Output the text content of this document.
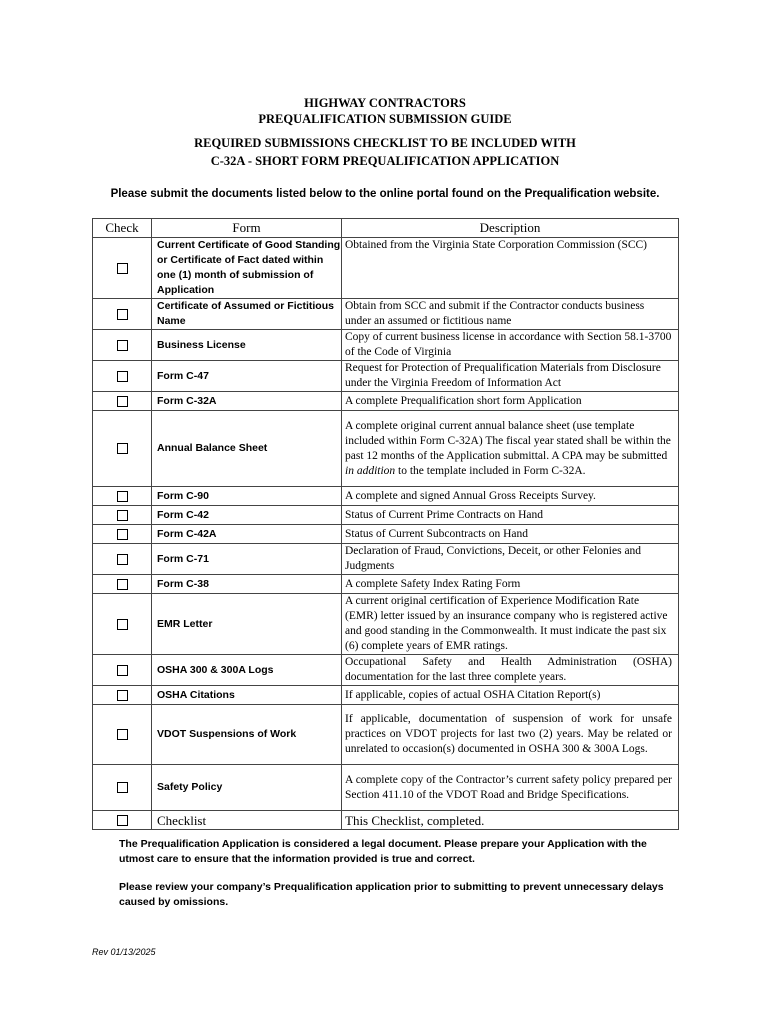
HIGHWAY CONTRACTORS
PREQUALIFICATION SUBMISSION GUIDE
REQUIRED SUBMISSIONS CHECKLIST TO BE INCLUDED WITH
C-32A - SHORT FORM PREQUALIFICATION APPLICATION
Please submit the documents listed below to the online portal found on the Prequalification website.
Check	Form	Description
	Current Certificate of Good Standing or Certificate of Fact dated within one (1) month of submission of Application	Obtained from the Virginia State Corporation Commission (SCC)
	Certificate of Assumed or Fictitious Name	Obtain from SCC and submit if the Contractor conducts business under an assumed or fictitious name
	Business License	Copy of current business license in accordance with Section 58.1-3700 of the Code of Virginia
	Form C-47	Request for Protection of Prequalification Materials from Disclosure under the Virginia Freedom of Information Act
	Form C-32A	A complete Prequalification short form Application
	Annual Balance Sheet	A complete original current annual balance sheet (use template included within Form C-32A) The fiscal year stated shall be within the past 12 months of the Application submittal. A CPA may be submitted in addition to the template included in Form C-32A.
	Form C-90	A complete and signed Annual Gross Receipts Survey.
	Form C-42	Status of Current Prime Contracts on Hand
	Form C-42A	Status of Current Subcontracts on Hand
	Form C-71	Declaration of Fraud, Convictions, Deceit, or other Felonies and Judgments
	Form C-38	A complete Safety Index Rating Form
	EMR Letter	A current original certification of Experience Modification Rate (EMR) letter issued by an insurance company who is registered active and good standing in the Commonwealth. It must indicate the past six (6) complete years of EMR ratings.
	OSHA 300 & 300A Logs	Occupational Safety and Health Administration (OSHA) documentation for the last three complete years.
	OSHA Citations	If applicable, copies of actual OSHA Citation Report(s)
	VDOT Suspensions of Work	If applicable, documentation of suspension of work for unsafe practices on VDOT projects for last two (2) years. May be related or unrelated to occasion(s) documented in OSHA 300 & 300A Logs.
	Safety Policy	A complete copy of the Contractor’s current safety policy prepared per Section 411.10 of the VDOT Road and Bridge Specifications.
	Checklist	This Checklist, completed.
The Prequalification Application is considered a legal document. Please prepare your Application with the utmost care to ensure that the information provided is true and correct.
Please review your company’s Prequalification application prior to submitting to prevent unnecessary delays caused by omissions.
Rev 01/13/2025
